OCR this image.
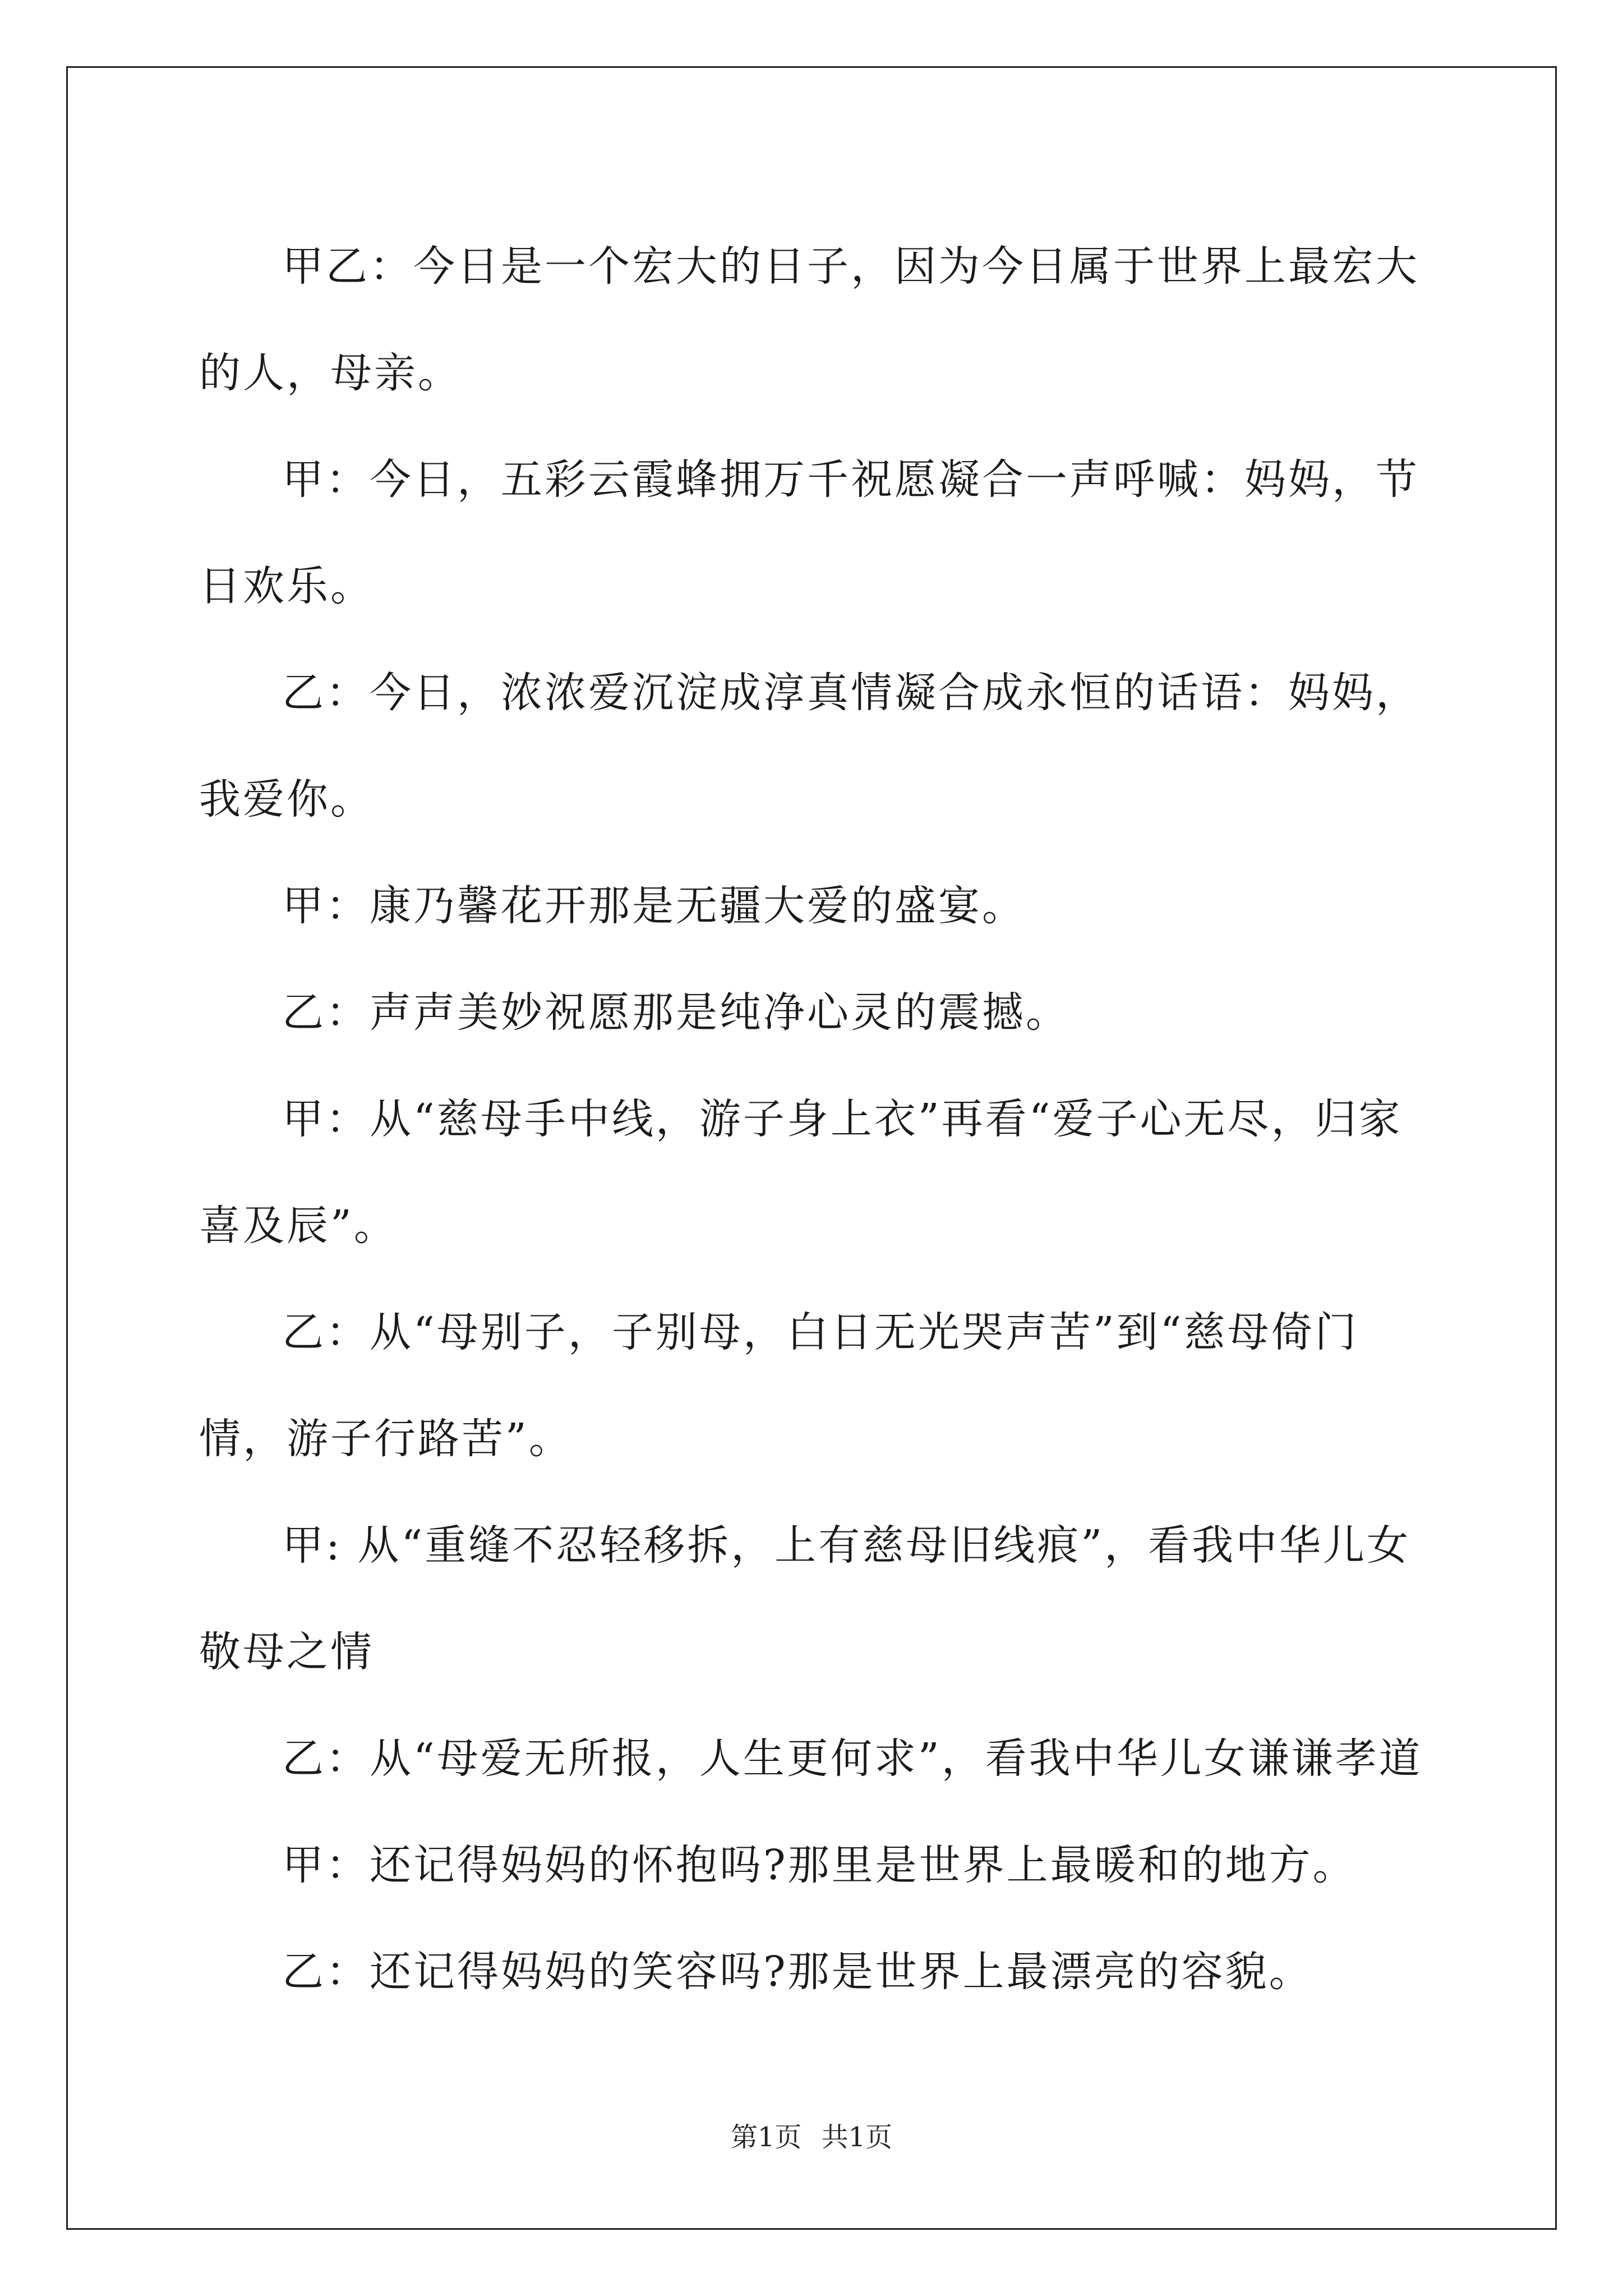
甲乙：今日是一个宏大的日子，因为今日属于世界上最宏大的人，母亲。

甲：今日，五彩云霞蜂拥万千祝愿凝合一声呼喊：妈妈，节日欢乐。

乙：今日，浓浓爱沉淀成淳真情凝合成永恒的话语：妈妈，我爱你。

甲：康乃馨花开那是无疆大爱的盛宴。

乙：声声美妙祝愿那是纯净心灵的震撼。

甲：从“慈母手中线，游子身上衣”再看“爱子心无尽，归家喜及辰”。

乙：从“母别子，子别母，白日无光哭声苦”到“慈母倚门情，游子行路苦”。

甲: 从“重缝不忍轻移拆，上有慈母旧线痕”，看我中华儿女敬母之情

乙：从“母爱无所报，人生更何求”，看我中华儿女谦谦孝道

甲：还记得妈妈的怀抱吗?那里是世界上最暖和的地方。

乙：还记得妈妈的笑容吗?那是世界上最漂亮的容貌。

第1页 共1页
